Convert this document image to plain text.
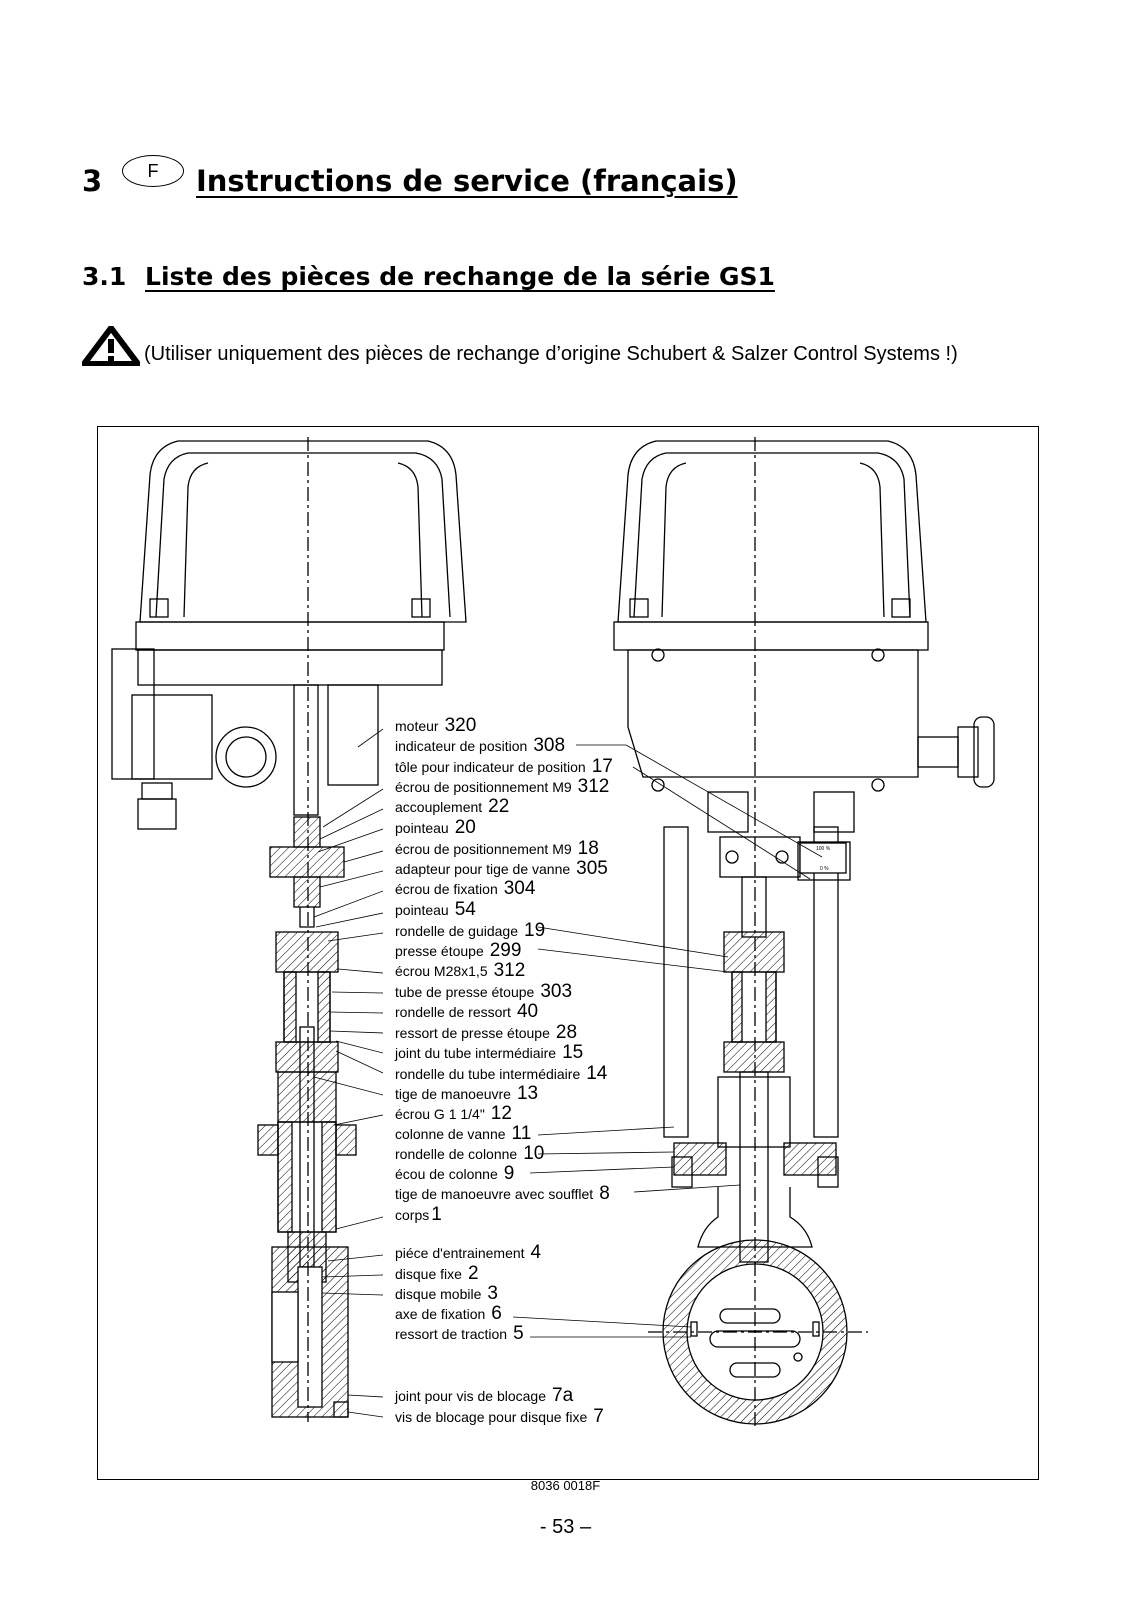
3	F	Instructions de service (français)
3.1 Liste des pièces de rechange de la série GS1
(Utiliser uniquement des pièces de rechange d’origine Schubert & Salzer Control Systems !)
100 %
0 %
moteur 320
indicateur de position 308
tôle pour indicateur de position 17
écrou de positionnement M9 312
accouplement 22
pointeau 20
écrou de positionnement M9 18
adapteur pour tige de vanne 305
écrou de fixation 304
pointeau 54
rondelle de guidage 19
presse étoupe 299
écrou M28x1,5 312
tube de presse étoupe 303
rondelle de ressort 40
ressort de presse étoupe 28
joint du tube intermédiaire 15
rondelle du tube intermédiaire 14
tige de manoeuvre 13
écrou G 1 1/4" 12
colonne de vanne 11
rondelle de colonne 10
écou de colonne 9
tige de manoeuvre avec soufflet 8
corps 1
piéce d'entrainement 4
disque fixe 2
disque mobile 3
axe de fixation 6
ressort de traction 5
joint pour vis de blocage 7a
vis de blocage pour disque fixe 7
8036 0018F
- 53 –
